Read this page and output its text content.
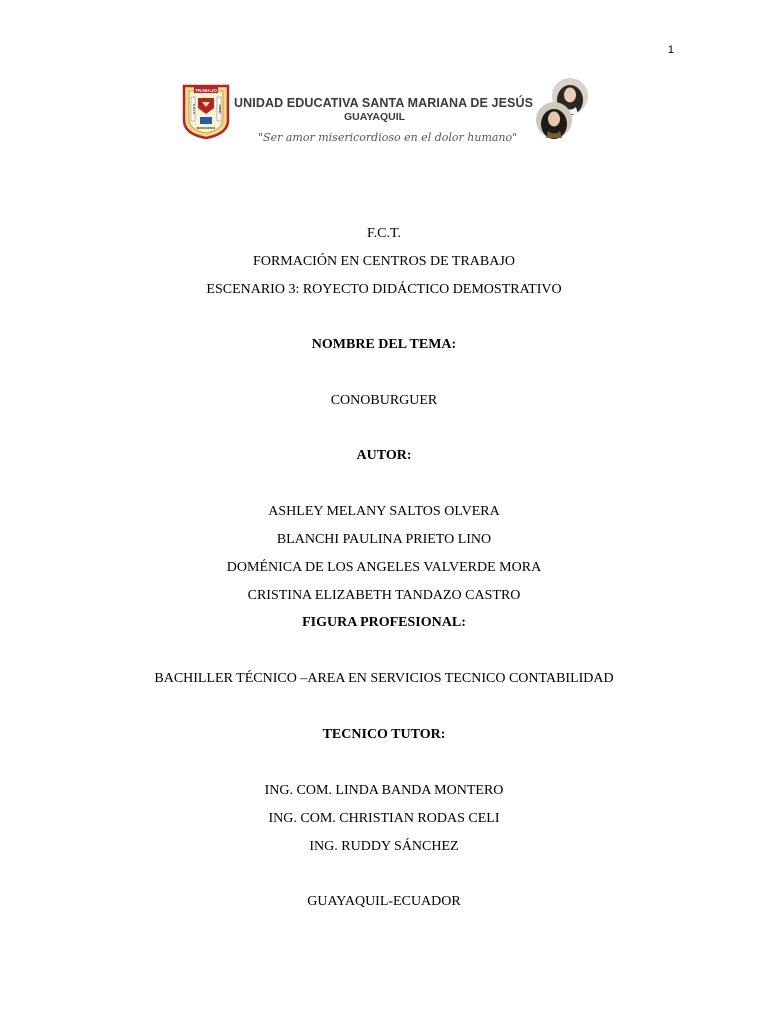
1
TRABAJO
C·R·I·S	AMOR
MARIANITAS
UNIDAD EDUCATIVA SANTA MARIANA DE JESÚS
GUAYAQUIL
"Ser amor misericordioso en el dolor humano"
F.C.T.
FORMACIÓN EN CENTROS DE TRABAJO
ESCENARIO 3: ROYECTO DIDÁCTICO DEMOSTRATIVO
NOMBRE DEL TEMA:
CONOBURGUER
AUTOR:
ASHLEY MELANY SALTOS OLVERA
BLANCHI PAULINA PRIETO LINO
DOMÉNICA DE LOS ANGELES VALVERDE MORA
CRISTINA ELIZABETH TANDAZO CASTRO
FIGURA PROFESIONAL:
BACHILLER TÉCNICO –AREA EN SERVICIOS TECNICO CONTABILIDAD
TECNICO TUTOR:
ING. COM. LINDA BANDA MONTERO
ING. COM. CHRISTIAN RODAS CELI
ING. RUDDY SÁNCHEZ
GUAYAQUIL-ECUADOR
